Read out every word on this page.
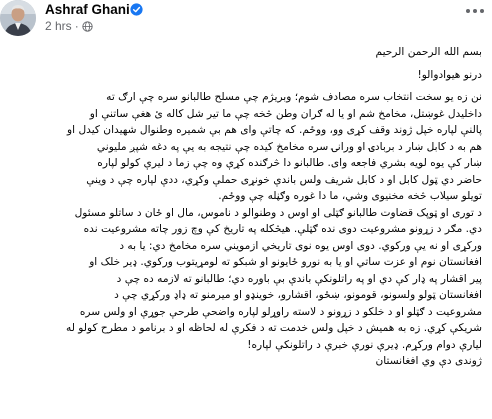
Ashraf Ghani
2 hrs ·

بسم الله الرحمن الرحيم

درنو هیوادوالو!

نن زه یو سخت انتخاب سره مصادف شوم؛ وبریژم چې مسلح طالبانو سره چې ارګ ته

داخلیدل غوښتل، مخامخ شم او یا له ګران وطن څخه چې ما تیر شل کاله ئ هغې ساتنې او

پالنې لپاره خپل ژوند وقف کړی وو، ووځم. که چاتې وای هم بې شمیره وطنوال شهیدان کیدل او

هم به د کابل ښار د بربادۍ او ورانۍ سره مخامخ کیده چې نتیجه به یې په دغه شپږ ملیوني

ښار کې یوه لویه بشري فاجعه وای. طالبانو دا څرګنده کړې وه چې زما د لیرې کولو لپاره

حاضر دي ټول کابل او د کابل شریف ولس باندې خونړی حملې وکړي، ددې لپاره چې د وینې

تویلو سیلاب څخه مخنیوی وشي، ما دا غوره وګڼله چې ووځم.

د توری او ټوپک قضاوت طالبانو ګټلی او اوس د وطنوالو د ناموس، مال او ځان د ساتلو مسئول

دي. مګر د زړونو مشروعیت دوی نده ګټلې. هیڅکله په تاریخ کې وچ زور چاته مشروعیت نده

ورکړی او نه یې ورکوي. دوی اوس یوه نوی تاریخي ازمویني سره مخامخ دي: یا به د

افغانستان نوم او عزت ساتي او یا به نورو ځایونو او شبکو ته لومړیتوب ورکوي. ډیر خلک او

پیر اقشار په ډار کې دي او په راتلونکې باندې بې باوره دي؛ طالبانو ته لازمه ده چې د

افغانستان ټولو ولسونو، قومونو، ښځو، اقشارو، خوینډو او میرمنو ته ډاډ ورکړي چې د

مشروعیت د ګټلو او د خلکو د زړونو د لاسته راوړلو لپاره واضحې طرحې جوړې او ولس سره

شریکې کړي. زه به همیش د خپل ولس خدمت ته د فکرې له لحاظه او د برنامو د مطرح کولو له

لیارې دوام ورکړم. ډیرې نورې خبرې د راتلونکې لپاره!

ژوندی دې وي افغانستان
